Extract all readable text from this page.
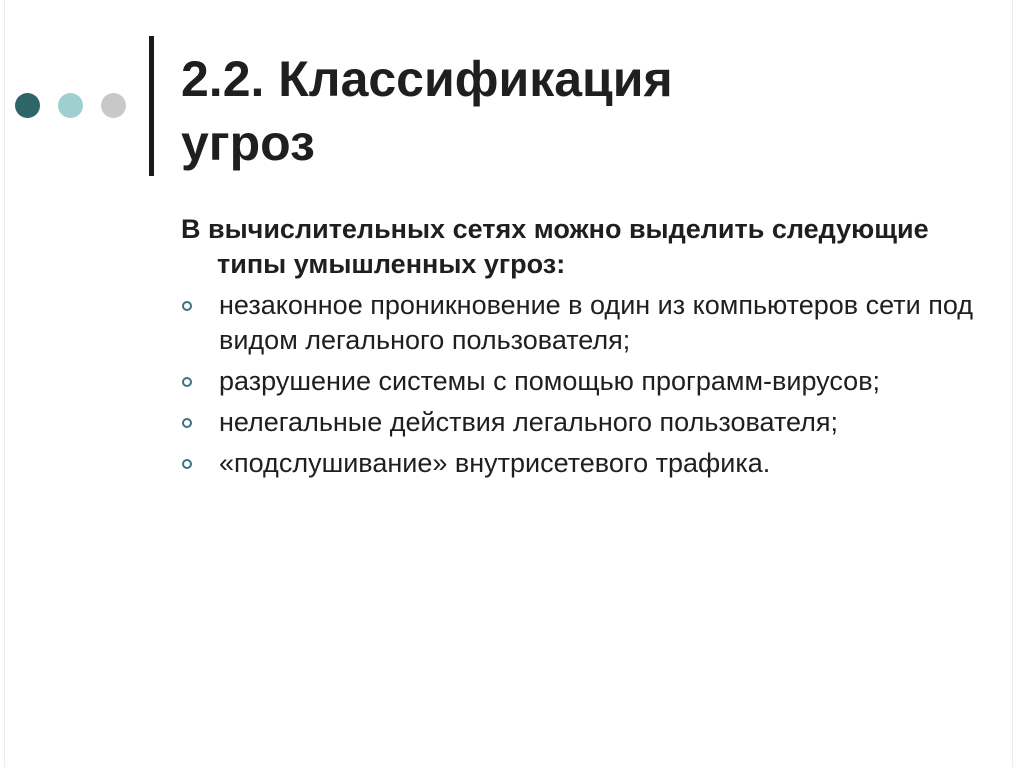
2.2. Классификация
угроз

В вычислительных сетях можно выделить следующие типы умышленных угроз:

незаконное проникновение в один из компьютеров сети под видом легального пользователя;
разрушение системы с помощью программ-вирусов;
нелегальные действия легального пользователя;
«подслушивание» внутрисетевого трафика.
